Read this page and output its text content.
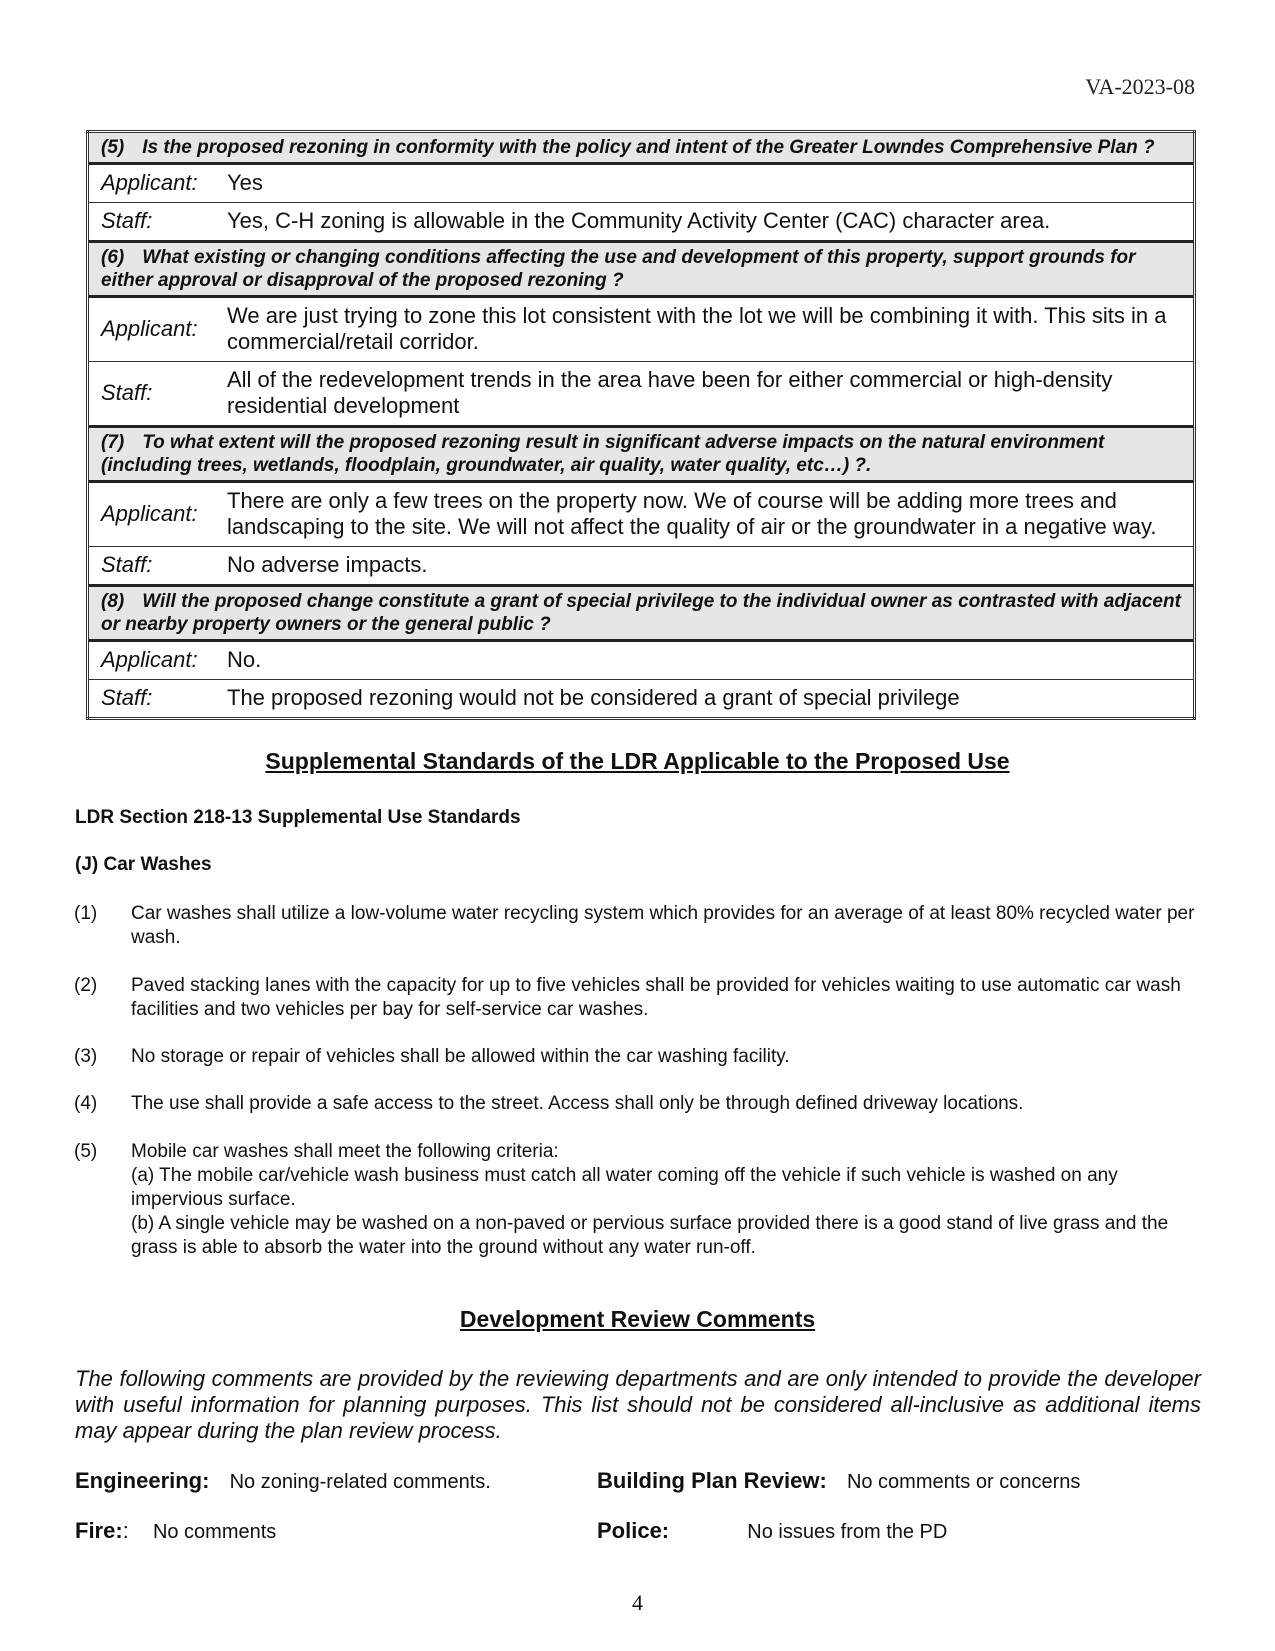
VA-2023-08
(5) Is the proposed rezoning in conformity with the policy and intent of the Greater Lowndes Comprehensive Plan ?	
Applicant:	Yes
Staff:	Yes, C-H zoning is allowable in the Community Activity Center (CAC) character area.
(6) What existing or changing conditions affecting the use and development of this property, support grounds for either approval or disapproval of the proposed rezoning ?	
Applicant:	We are just trying to zone this lot consistent with the lot we will be combining it with. This sits in a commercial/retail corridor.
Staff:	All of the redevelopment trends in the area have been for either commercial or high-density residential development
(7) To what extent will the proposed rezoning result in significant adverse impacts on the natural environment (including trees, wetlands, floodplain, groundwater, air quality, water quality, etc…) ?.	
Applicant:	There are only a few trees on the property now. We of course will be adding more trees and landscaping to the site. We will not affect the quality of air or the groundwater in a negative way.
Staff:	No adverse impacts.
(8) Will the proposed change constitute a grant of special privilege to the individual owner as contrasted with adjacent or nearby property owners or the general public ?	
Applicant:	No.
Staff:	The proposed rezoning would not be considered a grant of special privilege
Supplemental Standards of the LDR Applicable to the Proposed Use
LDR Section 218-13 Supplemental Use Standards
(J) Car Washes
(1) Car washes shall utilize a low-volume water recycling system which provides for an average of at least 80% recycled water per wash.
(2) Paved stacking lanes with the capacity for up to five vehicles shall be provided for vehicles waiting to use automatic car wash facilities and two vehicles per bay for self-service car washes.
(3) No storage or repair of vehicles shall be allowed within the car washing facility.
(4) The use shall provide a safe access to the street. Access shall only be through defined driveway locations.
(5) Mobile car washes shall meet the following criteria:
(a) The mobile car/vehicle wash business must catch all water coming off the vehicle if such vehicle is washed on any impervious surface.
(b) A single vehicle may be washed on a non-paved or pervious surface provided there is a good stand of live grass and the grass is able to absorb the water into the ground without any water run-off.
Development Review Comments
The following comments are provided by the reviewing departments and are only intended to provide the developer with useful information for planning purposes. This list should not be considered all-inclusive as additional items may appear during the plan review process.
Engineering: No zoning-related comments.	Building Plan Review: No comments or concerns
Fire:: No comments	Police:	No issues from the PD
4
